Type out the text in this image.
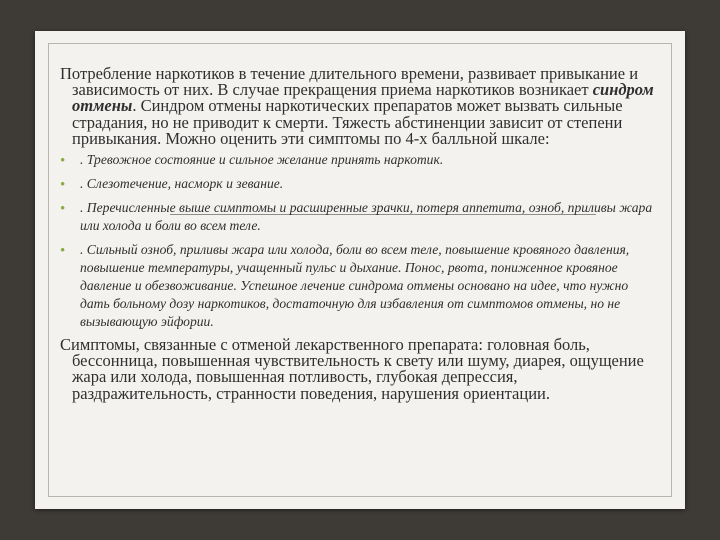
Потребление наркотиков в течение длительного времени, развивает привыкание и зависимость от них. В случае прекращения приема наркотиков возникает синдром отмены. Синдром отмены наркотических препаратов может вызвать сильные страдания, но не приводит к смерти. Тяжесть абстиненции зависит от степени привыкания. Можно оценить эти симптомы по 4-х балльной шкале:

• . Тревожное состояние и сильное желание принять наркотик.
• . Слезотечение, насморк и зевание.
• . Перечисленные выше симптомы и расширенные зрачки, потеря аппетита, озноб, приливы жара или холода и боли во всем теле.
• . Сильный озноб, приливы жара или холода, боли во всем теле, повышение кровяного давления, повышение температуры, учащенный пульс и дыхание. Понос, рвота, пониженное кровяное давление и обезвоживание. Успешное лечение синдрома отмены основано на идее, что нужно дать больному дозу наркотиков, достаточную для избавления от симптомов отмены, но не вызывающую эйфории.

Симптомы, связанные с отменой лекарственного препарата: головная боль, бессонница, повышенная чувствительность к свету или шуму, диарея, ощущение жара или холода, повышенная потливость, глубокая депрессия, раздражительность, странности поведения, нарушения ориентации.
